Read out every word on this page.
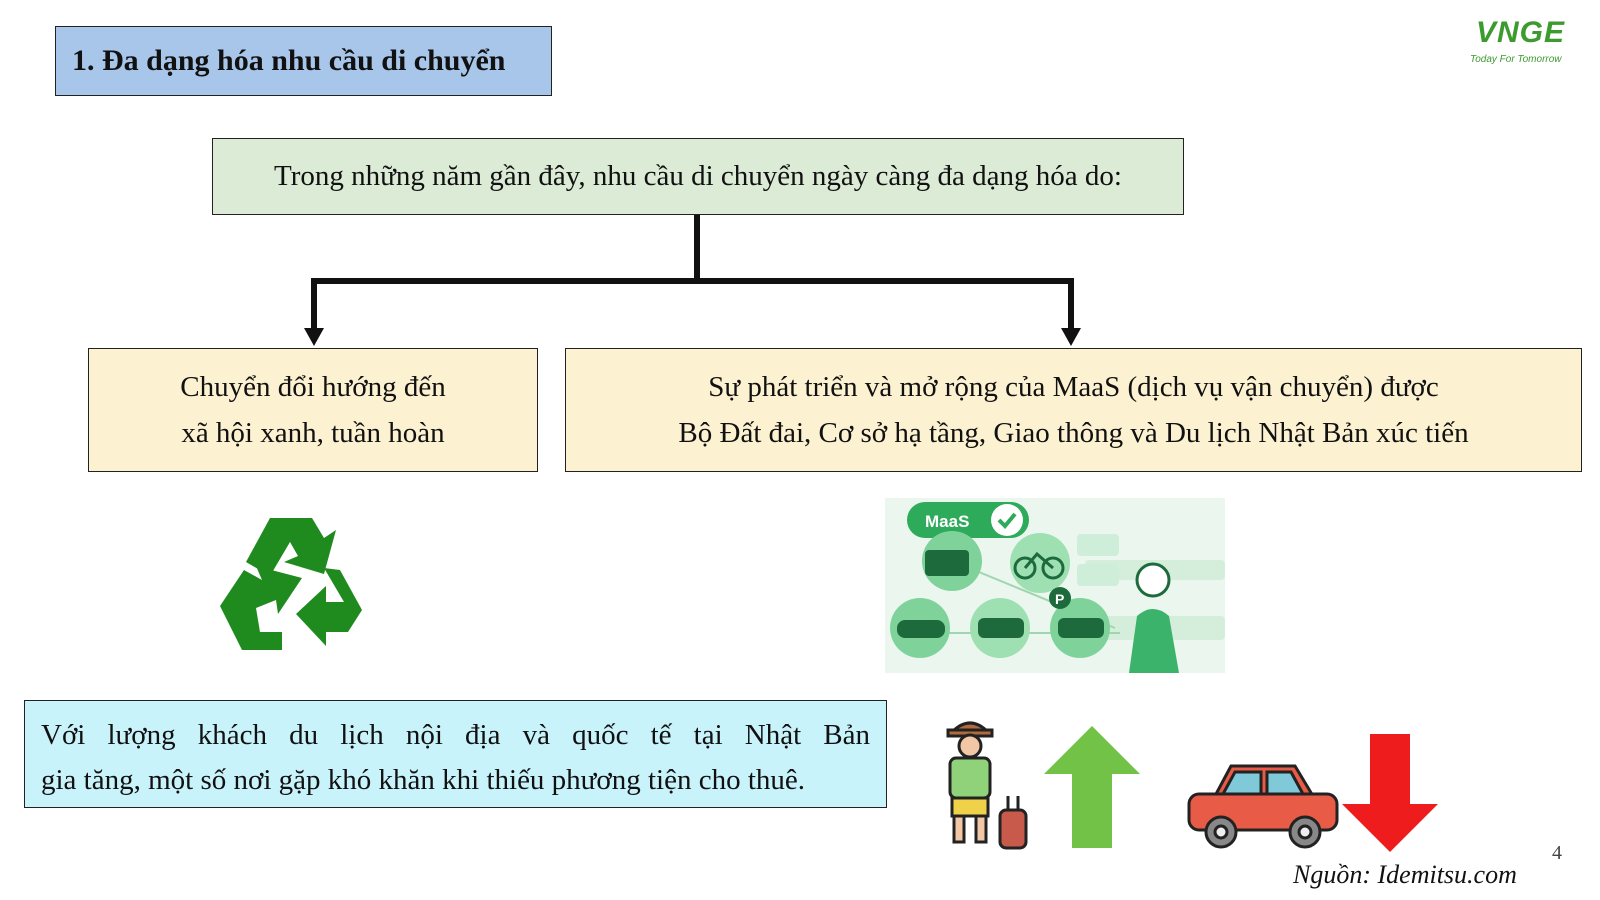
1. Đa dạng hóa nhu cầu di chuyển
VNGE
Today For Tomorrow
Trong những năm gần đây, nhu cầu di chuyển ngày càng đa dạng hóa do:
Chuyển đổi hướng đến
xã hội xanh, tuần hoàn
Sự phát triển và mở rộng của MaaS (dịch vụ vận chuyển) được
Bộ Đất đai, Cơ sở hạ tầng, Giao thông và Du lịch Nhật Bản xúc tiến
MaaS
P
Với lượng khách du lịch nội địa và quốc tế tại Nhật Bản
gia tăng, một số nơi gặp khó khăn khi thiếu phương tiện cho thuê.
4
Nguồn: Idemitsu.com
